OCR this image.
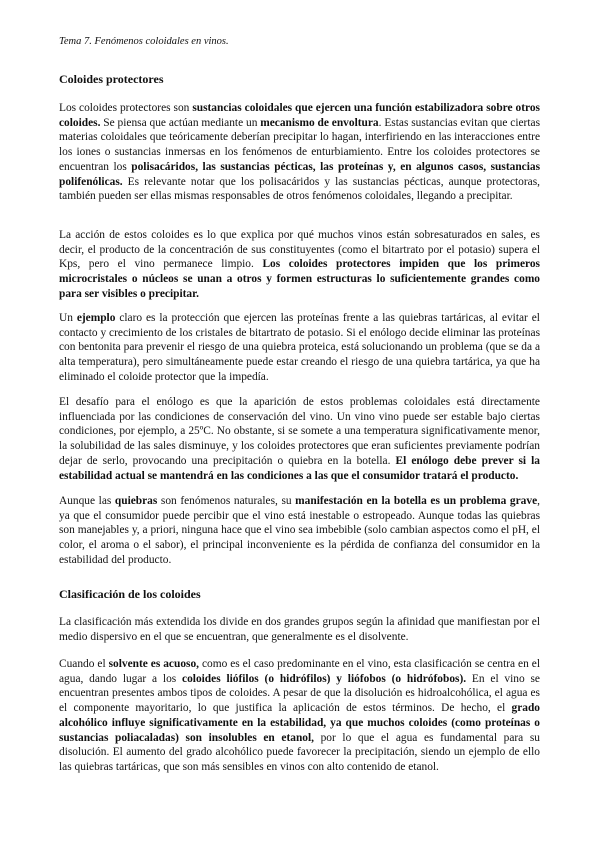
Tema 7. Fenómenos coloidales en vinos.
Coloides protectores

Los coloides protectores son sustancias coloidales que ejercen una función estabilizadora sobre otros coloides. Se piensa que actúan mediante un mecanismo de envoltura. Estas sustancias evitan que ciertas materias coloidales que teóricamente deberían precipitar lo hagan, interfiriendo en las interacciones entre los iones o sustancias inmersas en los fenómenos de enturbiamiento. Entre los coloides protectores se encuentran los polisacáridos, las sustancias pécticas, las proteínas y, en algunos casos, sustancias polifenólicas. Es relevante notar que los polisacáridos y las sustancias pécticas, aunque protectoras, también pueden ser ellas mismas responsables de otros fenómenos coloidales, llegando a precipitar.

La acción de estos coloides es lo que explica por qué muchos vinos están sobresaturados en sales, es decir, el producto de la concentración de sus constituyentes (como el bitartrato por el potasio) supera el Kps, pero el vino permanece limpio. Los coloides protectores impiden que los primeros microcristales o núcleos se unan a otros y formen estructuras lo suficientemente grandes como para ser visibles o precipitar.

Un ejemplo claro es la protección que ejercen las proteínas frente a las quiebras tartáricas, al evitar el contacto y crecimiento de los cristales de bitartrato de potasio. Si el enólogo decide eliminar las proteínas con bentonita para prevenir el riesgo de una quiebra proteica, está solucionando un problema (que se da a alta temperatura), pero simultáneamente puede estar creando el riesgo de una quiebra tartárica, ya que ha eliminado el coloide protector que la impedía.

El desafío para el enólogo es que la aparición de estos problemas coloidales está directamente influenciada por las condiciones de conservación del vino. Un vino vino puede ser estable bajo ciertas condiciones, por ejemplo, a 25ºC. No obstante, si se somete a una temperatura significativamente menor, la solubilidad de las sales disminuye, y los coloides protectores que eran suficientes previamente podrían dejar de serlo, provocando una precipitación o quiebra en la botella. El enólogo debe prever si la estabilidad actual se mantendrá en las condiciones a las que el consumidor tratará el producto.

Aunque las quiebras son fenómenos naturales, su manifestación en la botella es un problema grave, ya que el consumidor puede percibir que el vino está inestable o estropeado. Aunque todas las quiebras son manejables y, a priori, ninguna hace que el vino sea imbebible (solo cambian aspectos como el pH, el color, el aroma o el sabor), el principal inconveniente es la pérdida de confianza del consumidor en la estabilidad del producto.

Clasificación de los coloides

La clasificación más extendida los divide en dos grandes grupos según la afinidad que manifiestan por el medio dispersivo en el que se encuentran, que generalmente es el disolvente.

Cuando el solvente es acuoso, como es el caso predominante en el vino, esta clasificación se centra en el agua, dando lugar a los coloides liófilos (o hidrófilos) y liófobos (o hidrófobos). En el vino se encuentran presentes ambos tipos de coloides. A pesar de que la disolución es hidroalcohólica, el agua es el componente mayoritario, lo que justifica la aplicación de estos términos. De hecho, el grado alcohólico influye significativamente en la estabilidad, ya que muchos coloides (como proteínas o sustancias poliacaladas) son insolubles en etanol, por lo que el agua es fundamental para su disolución. El aumento del grado alcohólico puede favorecer la precipitación, siendo un ejemplo de ello las quiebras tartáricas, que son más sensibles en vinos con alto contenido de etanol.
